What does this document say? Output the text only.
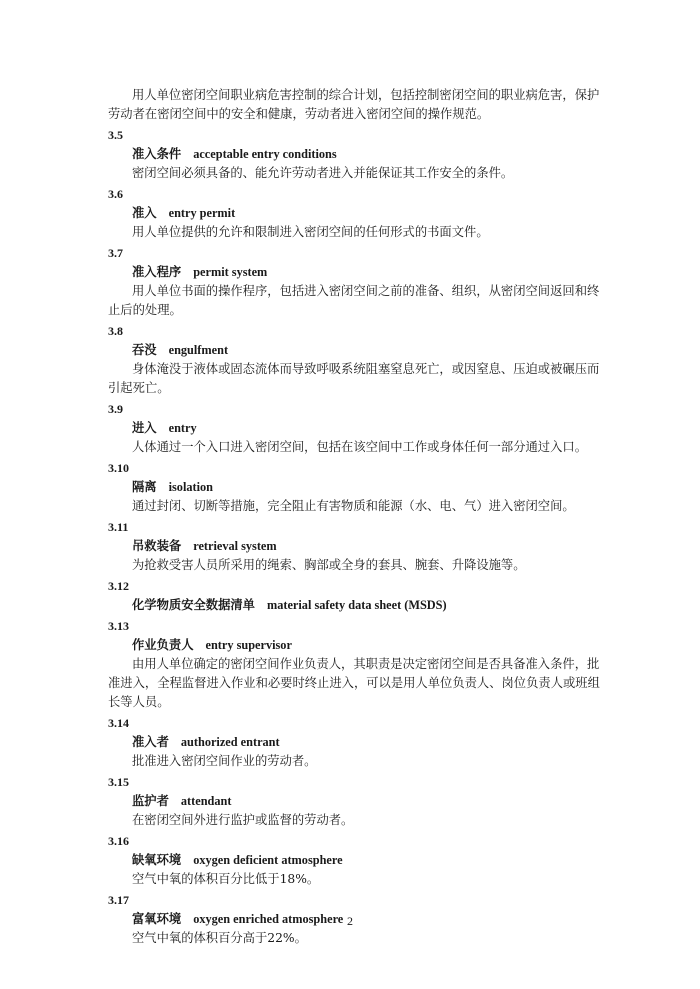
用人单位密闭空间职业病危害控制的综合计划，包括控制密闭空间的职业病危害，保护
劳动者在密闭空间中的安全和健康，劳动者进入密闭空间的操作规范。
3.5
准入条件 acceptable entry conditions
密闭空间必须具备的、能允许劳动者进入并能保证其工作安全的条件。
3.6
准入 entry permit
用人单位提供的允许和限制进入密闭空间的任何形式的书面文件。
3.7
准入程序 permit system
用人单位书面的操作程序，包括进入密闭空间之前的准备、组织，从密闭空间返回和终
止后的处理。
3.8
吞没 engulfment
身体淹没于液体或固态流体而导致呼吸系统阻塞窒息死亡，或因窒息、压迫或被碾压而
引起死亡。
3.9
进入 entry
人体通过一个入口进入密闭空间，包括在该空间中工作或身体任何一部分通过入口。
3.10
隔离 isolation
通过封闭、切断等措施，完全阻止有害物质和能源（水、电、气）进入密闭空间。
3.11
吊救装备 retrieval system
为抢救受害人员所采用的绳索、胸部或全身的套具、腕套、升降设施等。
3.12
化学物质安全数据清单 material safety data sheet (MSDS)
3.13
作业负责人 entry supervisor
由用人单位确定的密闭空间作业负责人，其职责是决定密闭空间是否具备准入条件，批
准进入，全程监督进入作业和必要时终止进入，可以是用人单位负责人、岗位负责人或班组
长等人员。
3.14
准入者 authorized entrant
批准进入密闭空间作业的劳动者。
3.15
监护者 attendant
在密闭空间外进行监护或监督的劳动者。
3.16
缺氧环境 oxygen deficient atmosphere
空气中氧的体积百分比低于18%。
3.17
富氧环境 oxygen enriched atmosphere
空气中氧的体积百分高于22%。
2
